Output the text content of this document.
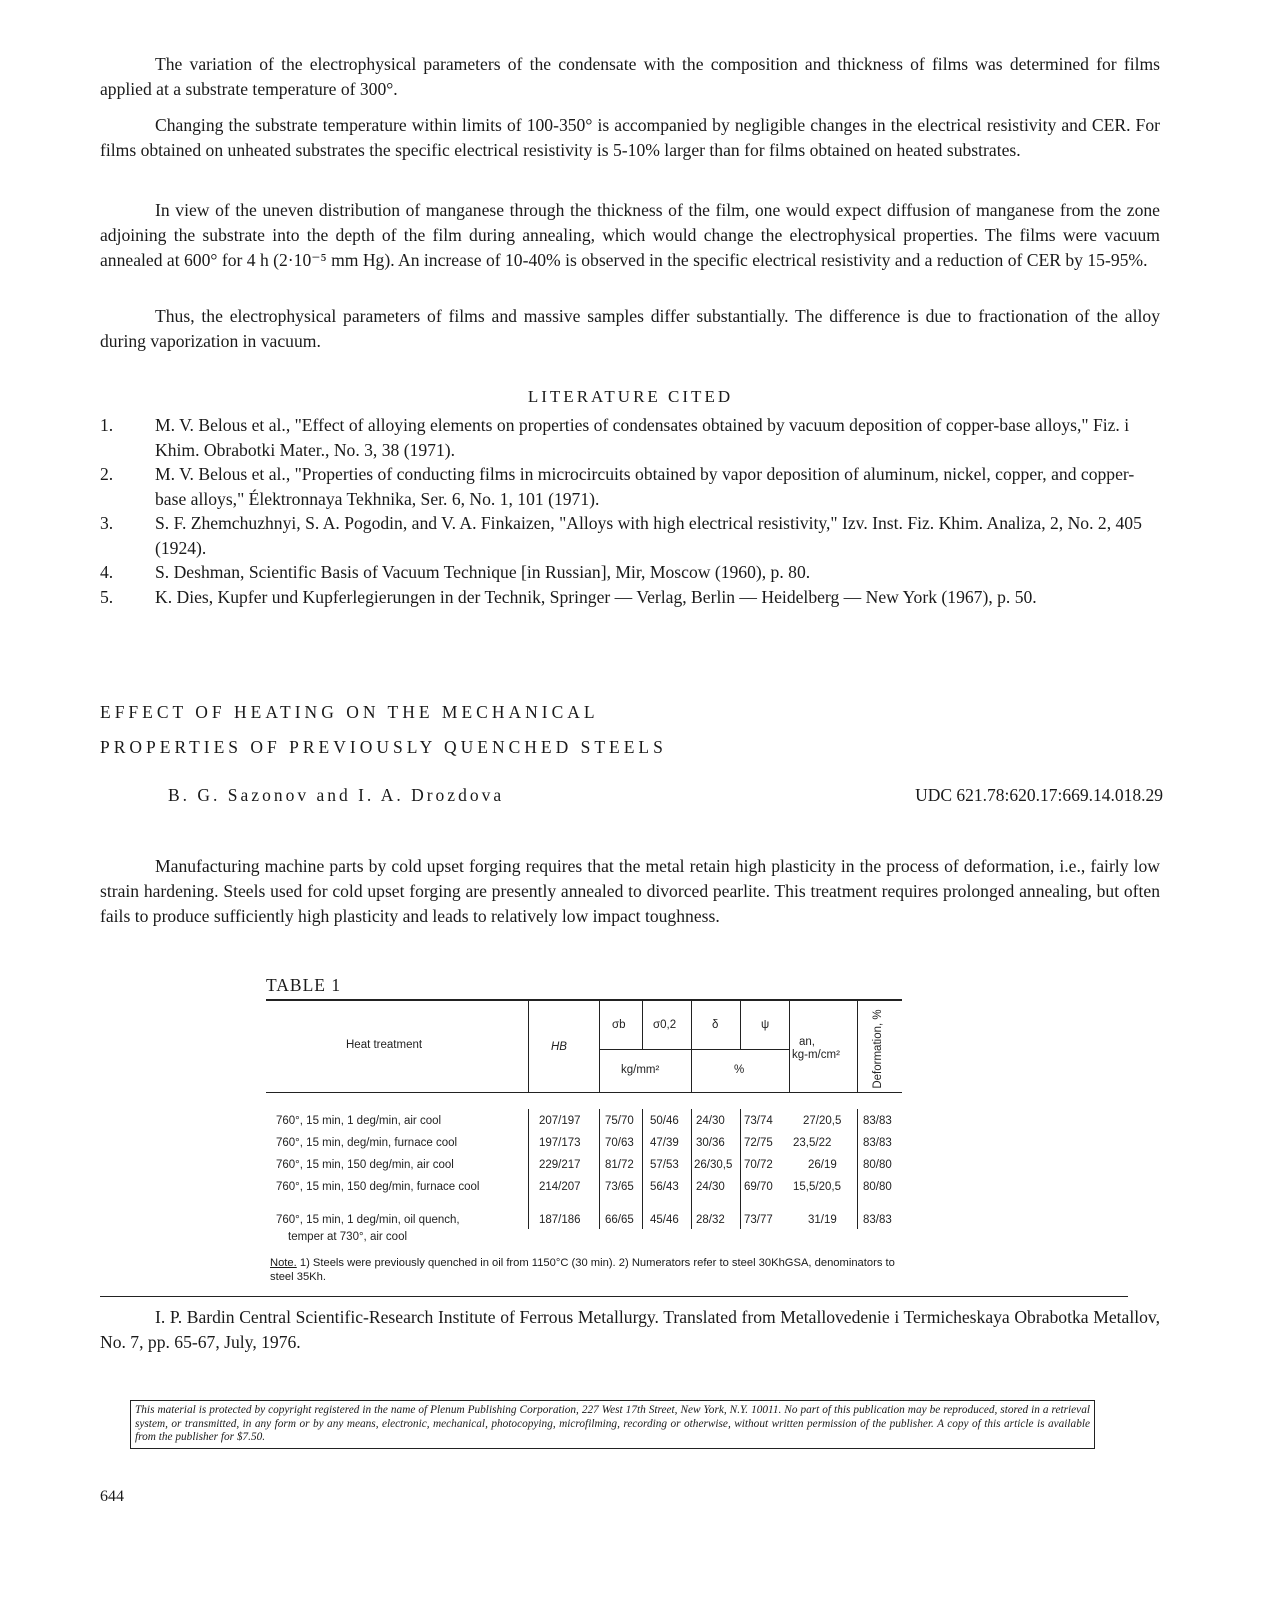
The variation of the electrophysical parameters of the condensate with the composition and thickness of films was determined for films applied at a substrate temperature of 300°.

Changing the substrate temperature within limits of 100-350° is accompanied by negligible changes in the electrical resistivity and CER. For films obtained on unheated substrates the specific electrical resistivity is 5-10% larger than for films obtained on heated substrates.

In view of the uneven distribution of manganese through the thickness of the film, one would expect diffusion of manganese from the zone adjoining the substrate into the depth of the film during annealing, which would change the electrophysical properties. The films were vacuum annealed at 600° for 4 h (2·10⁻⁵ mm Hg). An increase of 10-40% is observed in the specific electrical resistivity and a reduction of CER by 15-95%.

Thus, the electrophysical parameters of films and massive samples differ substantially. The difference is due to fractionation of the alloy during vaporization in vacuum.

LITERATURE CITED
1. M. V. Belous et al., "Effect of alloying elements on properties of condensates obtained by vacuum deposition of copper-base alloys," Fiz. i Khim. Obrabotki Mater., No. 3, 38 (1971).
2. M. V. Belous et al., "Properties of conducting films in microcircuits obtained by vapor deposition of aluminum, nickel, copper, and copper-base alloys," Élektronnaya Tekhnika, Ser. 6, No. 1, 101 (1971).
3. S. F. Zhemchuzhnyi, S. A. Pogodin, and V. A. Finkaizen, "Alloys with high electrical resistivity," Izv. Inst. Fiz. Khim. Analiza, 2, No. 2, 405 (1924).
4. S. Deshman, Scientific Basis of Vacuum Technique [in Russian], Mir, Moscow (1960), p. 80.
5. K. Dies, Kupfer und Kupferlegierungen in der Technik, Springer — Verlag, Berlin — Heidelberg — New York (1967), p. 50.
EFFECT OF HEATING ON THE MECHANICAL
PROPERTIES OF PREVIOUSLY QUENCHED STEELS
B. G. Sazonov and I. A. Drozdova	UDC 621.78:620.17:669.14.018.29

Manufacturing machine parts by cold upset forging requires that the metal retain high plasticity in the process of deformation, i.e., fairly low strain hardening. Steels used for cold upset forging are presently annealed to divorced pearlite. This treatment requires prolonged annealing, but often fails to produce sufficiently high plasticity and leads to relatively low impact toughness.

TABLE 1
Heat treatment	HB
σb σ0,2
kg/mm²
δ	ψ
%
an,
kg-m/cm²	Deformation, %
760°, 15 min, 1 deg/min, air cool	207/197 75/70 50/46 24/30 73/74	27/20,5 83/83
760°, 15 min, deg/min, furnace cool	197/173 70/63 47/39 30/36 72/75 23,5/22	83/83
760°, 15 min, 150 deg/min, air cool	229/217 81/72 57/53 26/30,5 70/72	26/19 80/80
760°, 15 min, 150 deg/min, furnace cool	214/207 73/65 56/43 24/30 69/70 15,5/20,5 80/80
760°, 15 min, 1 deg/min, oil quench,
temper at 730°, air cool
187/186 66/65 45/46 28/32 73/77	31/19 83/83
Note. 1) Steels were previously quenched in oil from 1150°C (30 min). 2) Numerators refer to steel 30KhGSA, denominators to steel 35Kh.

I. P. Bardin Central Scientific-Research Institute of Ferrous Metallurgy. Translated from Metallovedenie i Termicheskaya Obrabotka Metallov, No. 7, pp. 65-67, July, 1976.

This material is protected by copyright registered in the name of Plenum Publishing Corporation, 227 West 17th Street, New York, N.Y. 10011. No part of this publication may be reproduced, stored in a retrieval system, or transmitted, in any form or by any means, electronic, mechanical, photocopying, microfilming, recording or otherwise, without written permission of the publisher. A copy of this article is available from the publisher for $7.50.
644
